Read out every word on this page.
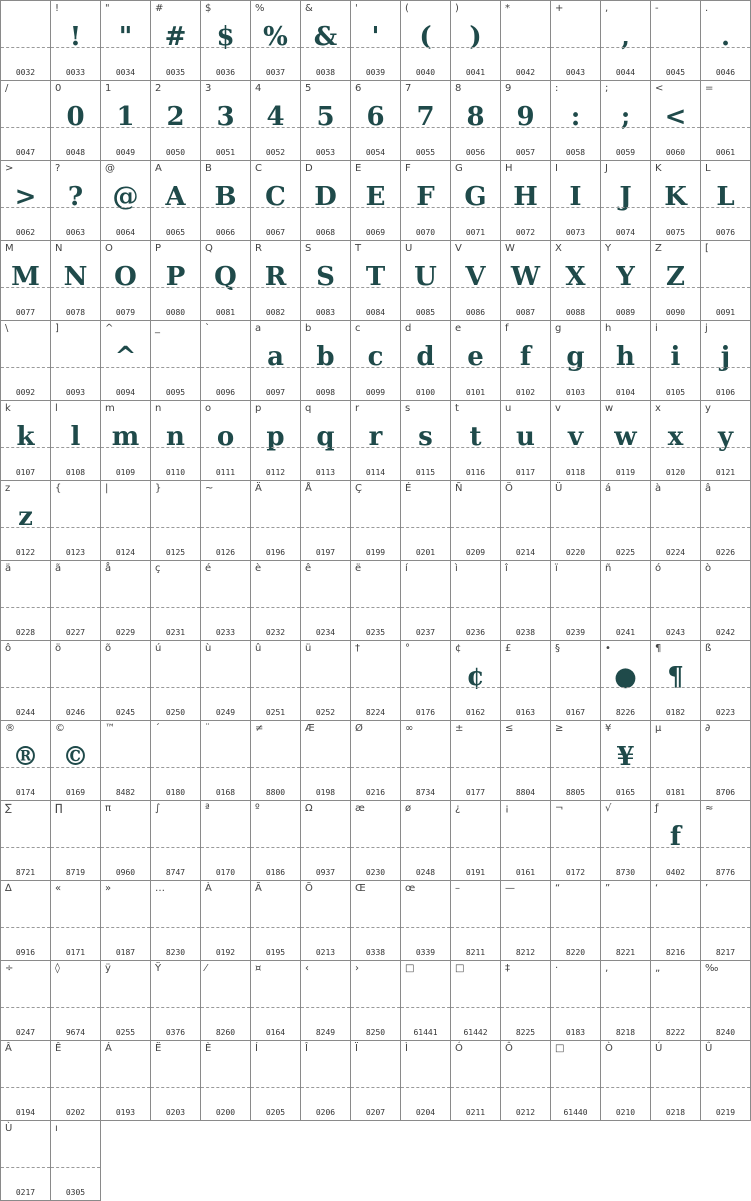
0032
!
!
0033
"
"
0034
#
#
0035
$
$
0036
%
%
0037
&
&
0038
'
'
0039
(
(
0040
)
)
0041
*
0042
+
0043
,
,
0044
-
0045
.
.
0046
/
0047
0
0
0048
1
1
0049
2
2
0050
3
3
0051
4
4
0052
5
5
0053
6
6
0054
7
7
0055
8
8
0056
9
9
0057
:
:
0058
;
;
0059
<
<
0060
=
0061
>
>
0062
?
?
0063
@
@
0064
A
A
0065
B
B
0066
C
C
0067
D
D
0068
E
E
0069
F
F
0070
G
G
0071
H
H
0072
I
I
0073
J
J
0074
K
K
0075
L
L
0076
M
M
0077
N
N
0078
O
O
0079
P
P
0080
Q
Q
0081
R
R
0082
S
S
0083
T
T
0084
U
U
0085
V
V
0086
W
W
0087
X
X
0088
Y
Y
0089
Z
Z
0090
[
0091
\
0092
]
0093
^
^
0094
_
0095
`
0096
a
a
0097
b
b
0098
c
c
0099
d
d
0100
e
e
0101
f
f
0102
g
g
0103
h
h
0104
i
i
0105
j
j
0106
k
k
0107
l
l
0108
m
m
0109
n
n
0110
o
o
0111
p
p
0112
q
q
0113
r
r
0114
s
s
0115
t
t
0116
u
u
0117
v
v
0118
w
w
0119
x
x
0120
y
y
0121
z
z
0122
{
0123
|
0124
}
0125
~
0126
Ä
0196
Å
0197
Ç
0199
É
0201
Ñ
0209
Ö
0214
Ü
0220
á
0225
à
0224
â
0226
ä
0228
ã
0227
å
0229
ç
0231
é
0233
è
0232
ê
0234
ë
0235
í
0237
ì
0236
î
0238
ï
0239
ñ
0241
ó
0243
ò
0242
ô
0244
ö
0246
õ
0245
ú
0250
ù
0249
û
0251
ü
0252
†
8224
°
0176
¢
¢
0162
£
0163
§
0167
•
●
8226
¶
¶
0182
ß
0223
®
®
0174
©
©
0169
™
8482
´
0180
¨
0168
≠
8800
Æ
0198
Ø
0216
∞
8734
±
0177
≤
8804
≥
8805
¥
¥
0165
µ
0181
∂
8706
∑
8721
∏
8719
π
0960
∫
8747
ª
0170
º
0186
Ω
0937
æ
0230
ø
0248
¿
0191
¡
0161
¬
0172
√
8730
ƒ
f
0402
≈
8776
∆
0916
«
0171
»
0187
…
8230
À
0192
Ã
0195
Õ
0213
Œ
0338
œ
0339
–
8211
—
8212
“
8220
”
8221
‘
8216
’
8217
÷
0247
◊
9674
ÿ
0255
Ÿ
0376
⁄
8260
¤
0164
‹
8249
›
8250
□
61441
□
61442
‡
8225
·
0183
‚
8218
„
8222
‰
8240
Â
0194
Ê
0202
Á
0193
Ë
0203
È
0200
Í
0205
Î
0206
Ï
0207
Ì
0204
Ó
0211
Ô
0212
□
61440
Ò
0210
Ú
0218
Û
0219
Ù
0217
ı
0305
